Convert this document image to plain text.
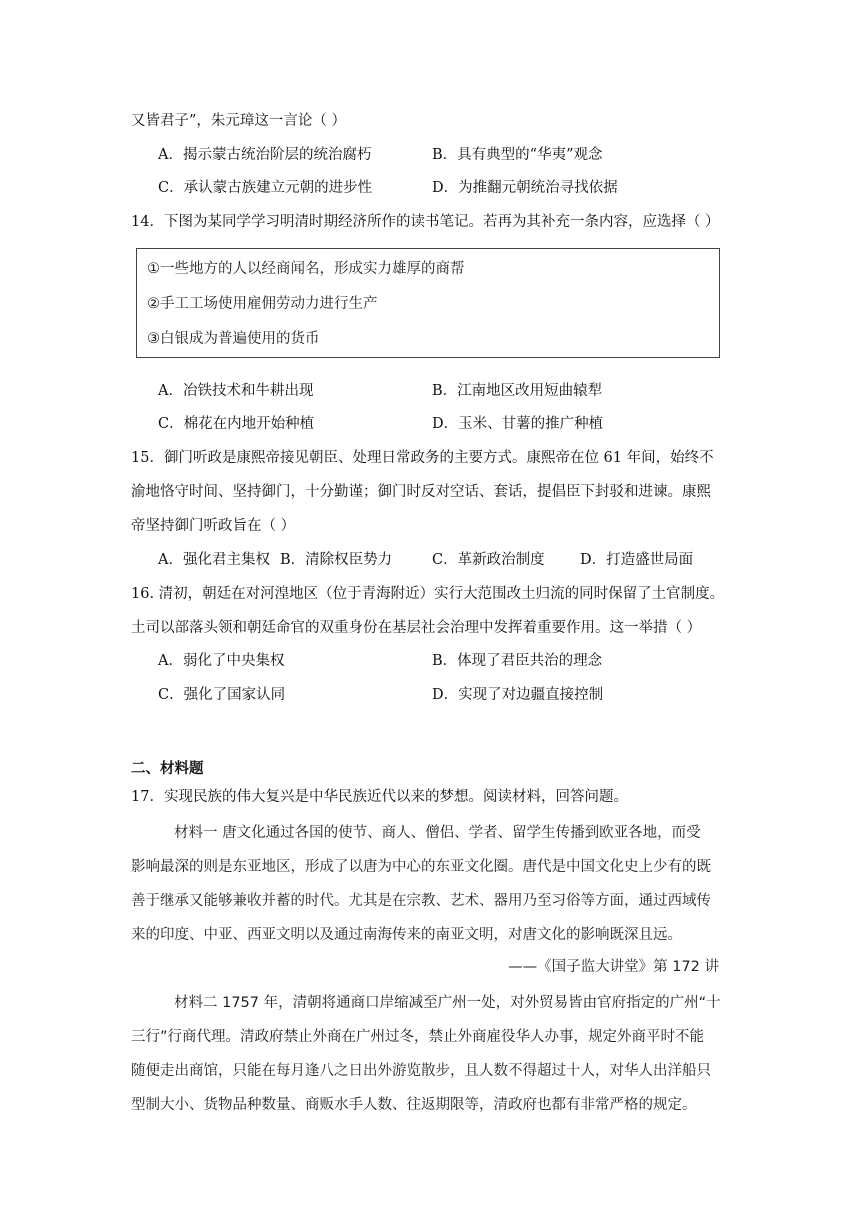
又皆君子”，朱元璋这一言论（ ）
A．揭示蒙古统治阶层的统治腐朽	B．具有典型的“华夷”观念
C．承认蒙古族建立元朝的进步性	D．为推翻元朝统治寻找依据
14．下图为某同学学习明清时期经济所作的读书笔记。若再为其补充一条内容，应选择（ ）
①一些地方的人以经商闻名，形成实力雄厚的商帮
②手工工场使用雇佣劳动力进行生产
③白银成为普遍使用的货币
A．冶铁技术和牛耕出现	B．江南地区改用短曲辕犁
C．棉花在内地开始种植	D．玉米、甘薯的推广种植
15．御门听政是康熙帝接见朝臣、处理日常政务的主要方式。康熙帝在位 61 年间，始终不
渝地恪守时间、坚持御门，十分勤谨；御门时反对空话、套话，提倡臣下封驳和进谏。康熙
帝坚持御门听政旨在（ ）
A．强化君主集权 B．清除权臣势力	C．革新政治制度 D．打造盛世局面
16. 清初，朝廷在对河湟地区（位于青海附近）实行大范围改土归流的同时保留了土官制度。
土司以部落头领和朝廷命官的双重身份在基层社会治理中发挥着重要作用。这一举措（ ）
A．弱化了中央集权	B．体现了君臣共治的理念
C．强化了国家认同	D．实现了对边疆直接控制
二、材料题
17．实现民族的伟大复兴是中华民族近代以来的梦想。阅读材料，回答问题。
材料一 唐文化通过各国的使节、商人、僧侣、学者、留学生传播到欧亚各地，而受
影响最深的则是东亚地区，形成了以唐为中心的东亚文化圈。唐代是中国文化史上少有的既
善于继承又能够兼收并蓄的时代。尤其是在宗教、艺术、器用乃至习俗等方面，通过西域传
来的印度、中亚、西亚文明以及通过南海传来的南亚文明，对唐文化的影响既深且远。
——《国子监大讲堂》第 172 讲
材料二 1757 年，清朝将通商口岸缩减至广州一处，对外贸易皆由官府指定的广州“十
三行”行商代理。清政府禁止外商在广州过冬，禁止外商雇役华人办事，规定外商平时不能
随便走出商馆，只能在每月逢八之日出外游览散步，且人数不得超过十人，对华人出洋船只
型制大小、货物品种数量、商贩水手人数、往返期限等，清政府也都有非常严格的规定。
